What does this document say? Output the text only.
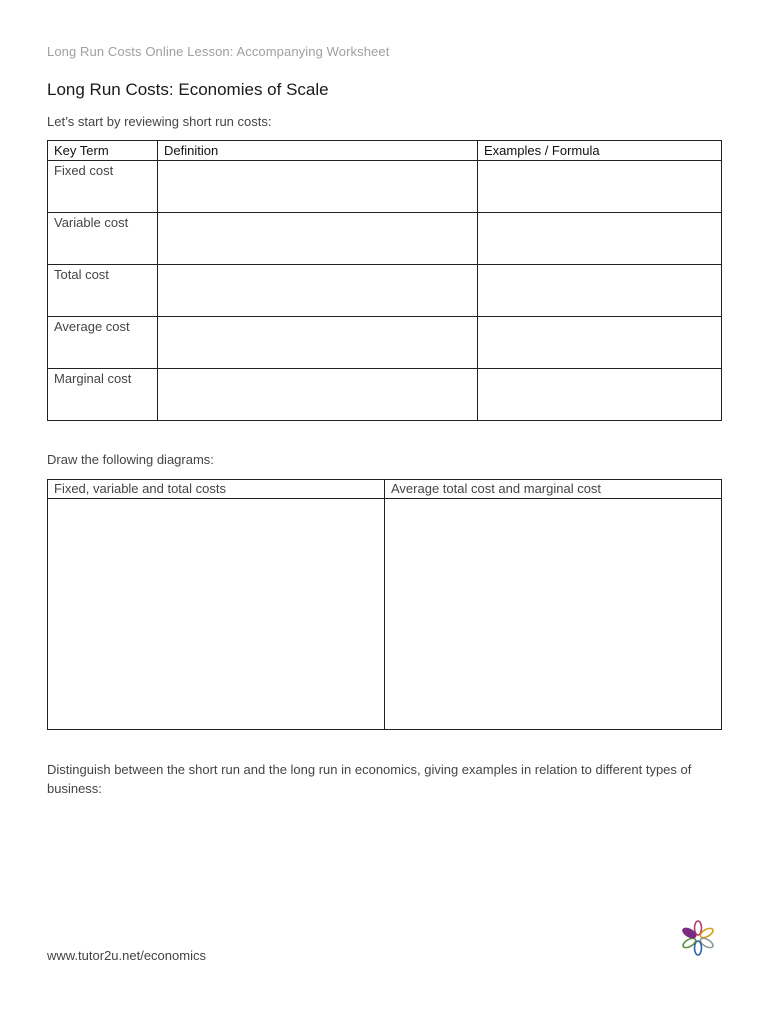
Long Run Costs Online Lesson: Accompanying Worksheet
Long Run Costs: Economies of Scale
Let’s start by reviewing short run costs:
Key Term	Definition	Examples / Formula
Fixed cost		
Variable cost		
Total cost		
Average cost		
Marginal cost		
Draw the following diagrams:
Fixed, variable and total costs	Average total cost and marginal cost

Distinguish between the short run and the long run in economics, giving examples in relation to different types of business:
www.tutor2u.net/economics
